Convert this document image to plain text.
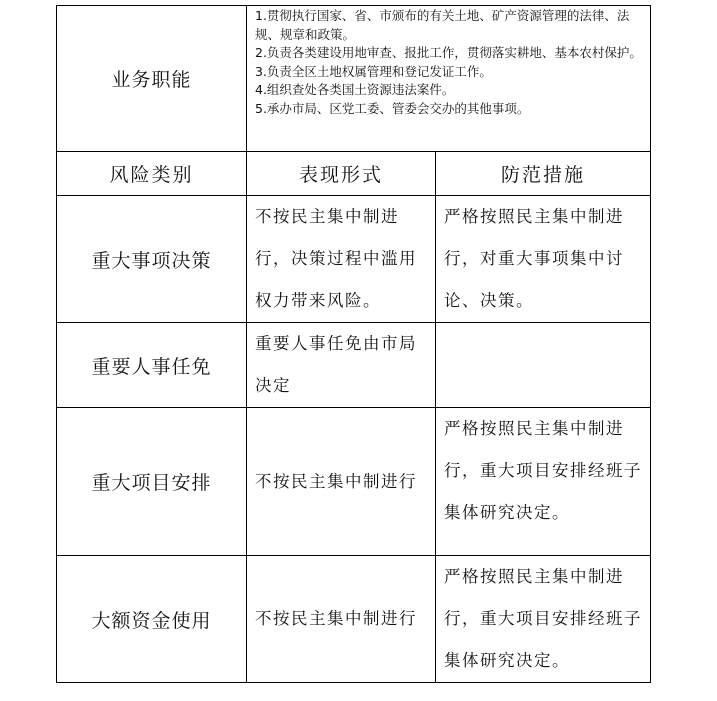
业务职能	1.贯彻执行国家、省、市颁布的有关土地、矿产资源管理的法律、法规、规章和政策。
2.负责各类建设用地审查、报批工作，贯彻落实耕地、基本农村保护。
3.负责全区土地权属管理和登记发证工作。
4.组织查处各类国土资源违法案件。
5.承办市局、区党工委、管委会交办的其他事项。	

风险类别	表现形式	防范措施
重大事项决策	不按民主集中制进行，决策过程中滥用权力带来风险。	严格按照民主集中制进行，对重大事项集中讨论、决策。
重要人事任免	重要人事任免由市局决定	
重大项目安排	不按民主集中制进行	严格按照民主集中制进行，重大项目安排经班子集体研究决定。
大额资金使用	不按民主集中制进行	严格按照民主集中制进行，重大项目安排经班子集体研究决定。
